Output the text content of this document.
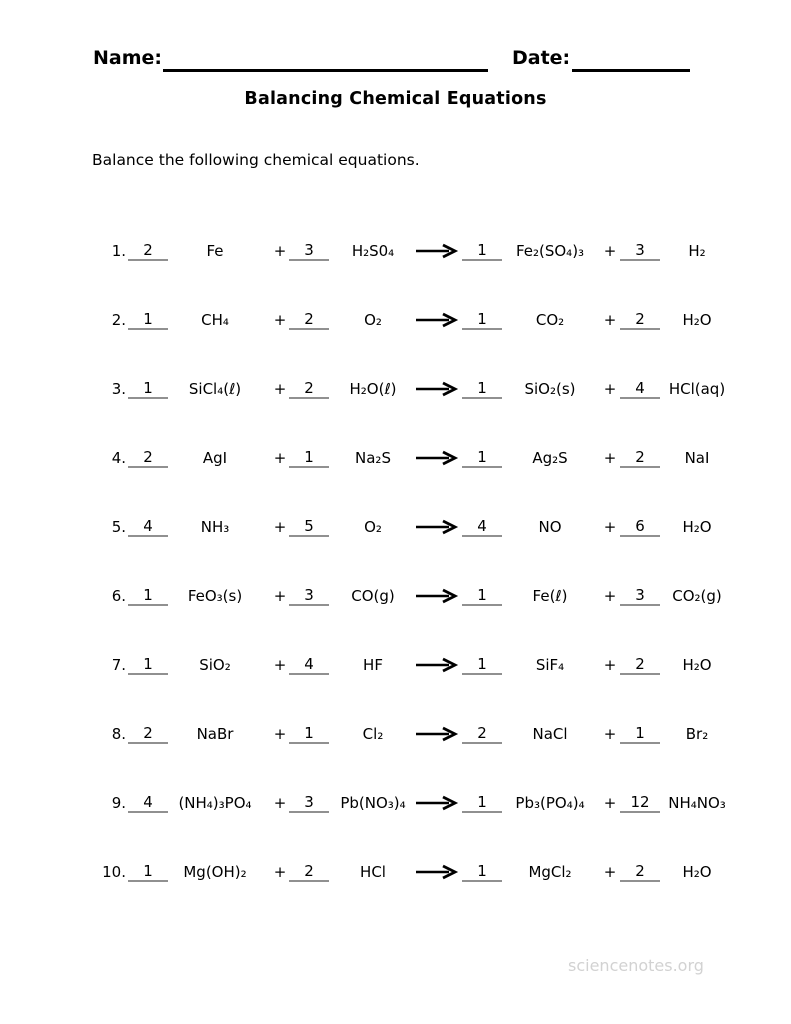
Name:	Date:
Balancing Chemical Equations
Balance the following chemical equations.
1.	2	Fe	+	3	H₂S0₄	1	Fe₂(SO₄)₃ +	3	H₂
2.	1	CH₄	+	2	O₂	1	CO₂	+	2	H₂O
3.	1	SiCl₄(ℓ) +	2	H₂O(ℓ)	1	SiO₂(s) +	4	HCl(aq)
4.	2	AgI	+	1	Na₂S	1	Ag₂S +	2	NaI
5.	4	NH₃	+	5	O₂	4	NO	+	6	H₂O
6.	1	FeO₃(s) +	3	CO(g)	1	Fe(ℓ) +	3	CO₂(g)
7.	1	SiO₂	+	4	HF	1	SiF₄	+	2	H₂O
8.	2	NaBr	+	1	Cl₂	2	NaCl +	1	Br₂
9.	4	(NH₄)₃PO₄ +	3	Pb(NO₃)₄	1	Pb₃(PO₄)₄ + 12	NH₄NO₃
10.	1	Mg(OH)₂ +	2	HCl	1	MgCl₂ +	2	H₂O
sciencenotes.org
